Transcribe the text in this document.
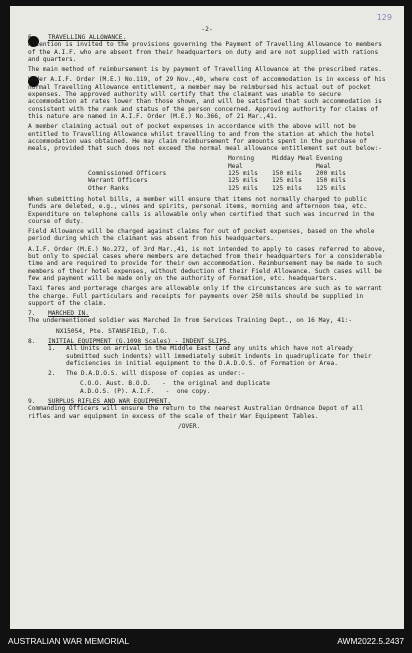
129
-2-
6.	TRAVELLING ALLOWANCE.

Attention is invited to the provisions governing the Payment of Travelling Allowance to members of the A.I.F. who are absent from their headquarters on duty and are not supplied with rations and quarters.

The main method of reimbursement is by payment of Travelling Allowance at the prescribed rates.

Under A.I.F. Order (M.E.) No.119, of 29 Nov.,40, where cost of accommodation is in excess of his normal Travelling Allowance entitlement, a member may be reimbursed his actual out of pocket expenses. The approved authority will certify that the claimant was unable to secure accommodation at rates lower than those shown, and will be satisfied that such accommodation is consistent with the rank and status of the person concerned. Approving authority for claims of this nature are named in A.I.F. Order (M.E.) No.366, of 21 Mar.,41.

A member claiming actual out of pocket expenses in accordance with the above will not be entitled to Travelling Allowance whilst travelling to and from the station at which the hotel accommodation was obtained. He may claim reimbursement for amounts spent in the purchase of meals, provided that such does not exceed the normal meal allowance entitlement set out below:-

Morning Meal
Midday Meal Evening Meal
Commissioned Officers	125 mils	150 mils	200 mils
Warrant Officers	125 mils	125 mils	150 mils
Other Ranks	125 mils	125 mils	125 mils

When submitting hotel bills, a member will ensure that items not normally charged to public funds are deleted, e.g., wines and spirits, personal items, morning and afternoon tea, etc. Expenditure on telephone calls is allowable only when certified that such was incurred in the course of duty.

Field Allowance will be charged against claims for out of pocket expenses, based on the whole period during which the claimant was absent from his headquarters.

A.I.F. Order (M.E.) No.272, of 3rd Mar.,41, is not intended to apply to cases referred to above, but only to special cases where members are detached from their headquarters for a considerable time and are required to provide for their own accommodation. Reimbursement may be made to such members of their hotel expenses, without deduction of their Field Allowance. Such cases will be few and payment will be made only on the authority of Formation, etc. headquarters.

Taxi fares and porterage charges are allowable only if the circumstances are such as to warrant the charge. Full particulars and receipts for payments over 250 mils should be supplied in support of the claim.

7.	MARCHED IN.

The undermentioned soldier was Marched In from Services Training Dept., on 16 May, 41:-

NX15054, Pte. STANSFIELD, T.G.

8.	INITIAL EQUIPMENT (G.1098 Scales) - INDENT SLIPS.
1.	All Units on arrival in the Middle East (and any units which have not already submitted such indents) will immediately submit indents in quadruplicate for their deficiencies in initial equipment to the D.A.D.O.S. of Formation or Area.
2.	The D.A.D.O.S. will dispose of copies as under:-

C.O.O. Aust. B.O.D.   -  the original and duplicate

A.D.O.S. (P). A.I.F.   -  one copy.

9.	SURPLUS RIFLES AND WAR EQUIPMENT.

Commanding Officers will ensure the return to the nearest Australian Ordnance Depot of all rifles and war equipment in excess of the scale of their War Equipment Tables.

/OVER.

AUSTRALIAN WAR MEMORIAL	AWM2022.5.2437
